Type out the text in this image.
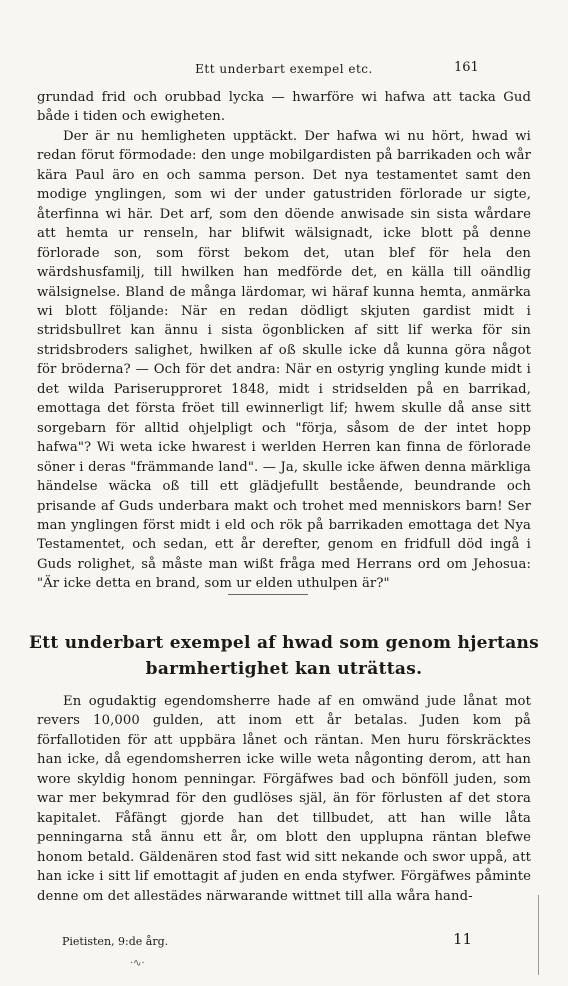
Ett underbart exempel etc.	161

grundad frid och orubbad lycka — hwarföre wi hafwa att tacka Gud både i tiden och ewigheten.

Der är nu hemligheten upptäckt. Der hafwa wi nu hört, hwad wi redan förut förmodade: den unge mobilgardisten på barrikaden och wår kära Paul äro en och samma person. Det nya testamentet samt den modige ynglingen, som wi der under gatustriden förlorade ur sigte, återfinna wi här. Det arf, som den döende anwisade sin sista wårdare att hemta ur renseln, har blifwit wälsignadt, icke blott på denne förlorade son, som först bekom det, utan blef för hela den wärdshusfamilj, till hwilken han medförde det, en källa till oändlig wälsignelse. Bland de många lärdomar, wi häraf kunna hemta, anmärka wi blott följande: När en redan dödligt skjuten gardist midt i stridsbullret kan ännu i sista ögonblicken af sitt lif werka för sin stridsbroders salighet, hwilken af oß skulle icke då kunna göra något för bröderna? — Och för det andra: När en ostyrig yngling kunde midt i det wilda Pariserupproret 1848, midt i stridselden på en barrikad, emottaga det första fröet till ewinnerligt lif; hwem skulle då anse sitt sorgebarn för alltid ohjelpligt och "förja, såsom de der intet hopp hafwa"? Wi weta icke hwarest i werlden Herren kan finna de förlorade söner i deras "främmande land". — Ja, skulle icke äfwen denna märkliga händelse wäcka oß till ett glädjefullt bestående, beundrande och prisande af Guds underbara makt och trohet med menniskors barn! Ser man ynglingen först midt i eld och rök på barrikaden emottaga det Nya Testamentet, och sedan, ett år derefter, genom en fridfull död ingå i Guds rolighet, så måste man wißt fråga med Herrans ord om Jehosua: "Är icke detta en brand, som ur elden uthulpen är?"

Ett underbart exempel af hwad som genom hjertans barmhertighet kan uträttas.

En ogudaktig egendomsherre hade af en omwänd jude lånat mot revers 10,000 gulden, att inom ett år betalas. Juden kom på förfallotiden för att uppbära lånet och räntan. Men huru förskräcktes han icke, då egendomsherren icke wille weta någonting derom, att han wore skyldig honom penningar. Förgäfwes bad och bönföll juden, som war mer bekymrad för den gudlöses själ, än för förlusten af det stora kapitalet. Fåfängt gjorde han det tillbudet, att han wille låta penningarna stå ännu ett år, om blott den upplupna räntan blefwe honom betald. Gäldenären stod fast wid sitt nekande och swor uppå, att han icke i sitt lif emottagit af juden en enda styfwer. Förgäfwes påminte denne om det allestädes närwarande wittnet till alla wåra hand-

Pietisten, 9:de årg.	11
·∿·
